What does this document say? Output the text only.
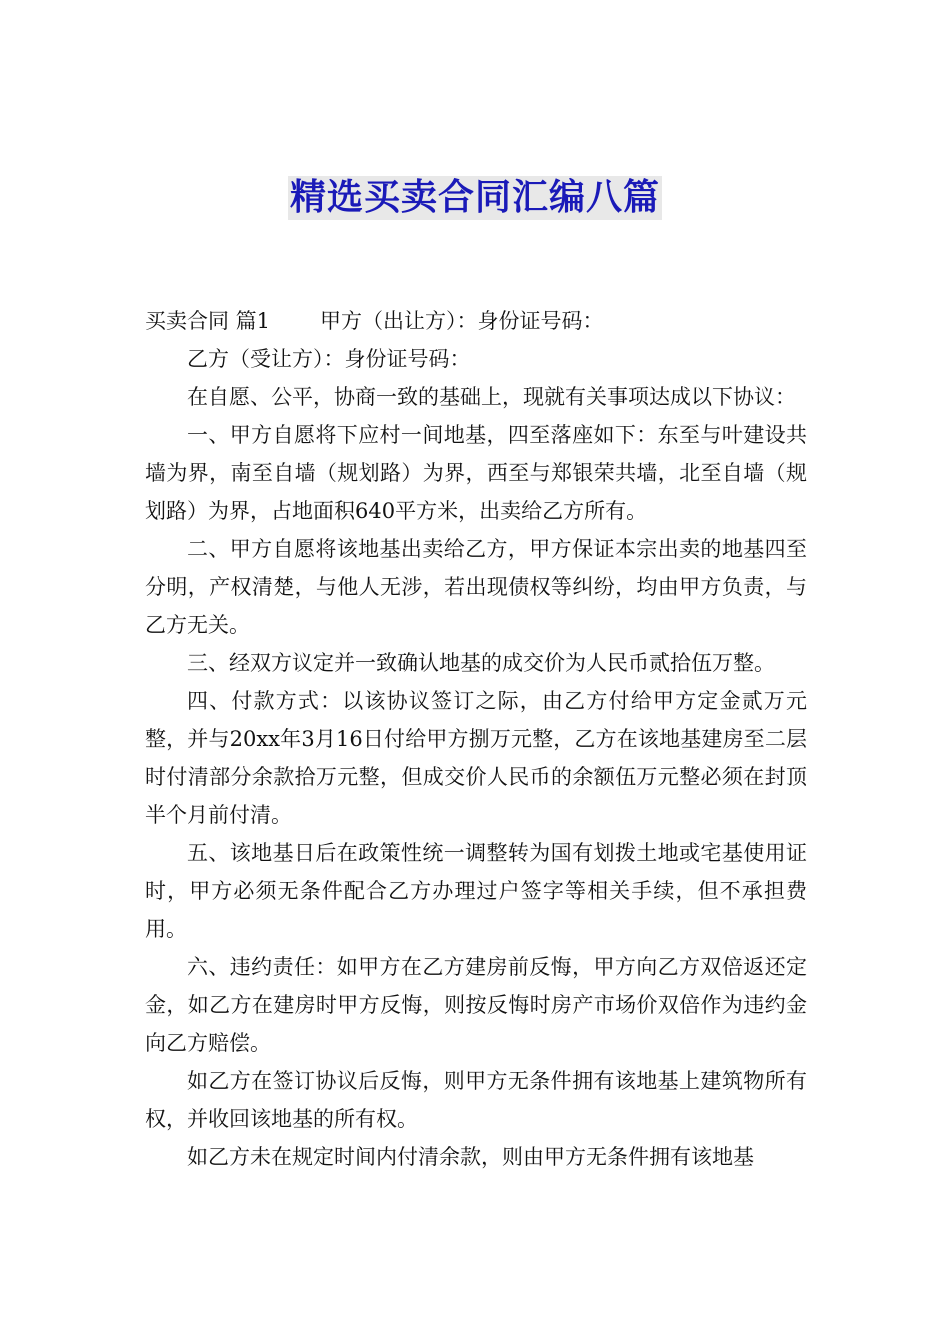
精选买卖合同汇编八篇

买卖合同 篇1 甲方（出让方）：身份证号码：

乙方（受让方）：身份证号码：

在自愿、公平，协商一致的基础上，现就有关事项达成以下协议：

一、甲方自愿将下应村一间地基，四至落座如下：东至与叶建设共墙为界，南至自墙（规划路）为界，西至与郑银荣共墙，北至自墙（规划路）为界，占地面积640平方米，出卖给乙方所有。

二、甲方自愿将该地基出卖给乙方，甲方保证本宗出卖的地基四至分明，产权清楚，与他人无涉，若出现债权等纠纷，均由甲方负责，与乙方无关。

三、经双方议定并一致确认地基的成交价为人民币贰拾伍万整。

四、付款方式：以该协议签订之际，由乙方付给甲方定金贰万元整，并与20xx年3月16日付给甲方捌万元整，乙方在该地基建房至二层时付清部分余款拾万元整，但成交价人民币的余额伍万元整必须在封顶半个月前付清。

五、该地基日后在政策性统一调整转为国有划拨土地或宅基使用证时，甲方必须无条件配合乙方办理过户签字等相关手续，但不承担费用。

六、违约责任：如甲方在乙方建房前反悔，甲方向乙方双倍返还定金，如乙方在建房时甲方反悔，则按反悔时房产市场价双倍作为违约金向乙方赔偿。

如乙方在签订协议后反悔，则甲方无条件拥有该地基上建筑物所有权，并收回该地基的所有权。

如乙方未在规定时间内付清余款，则由甲方无条件拥有该地基
